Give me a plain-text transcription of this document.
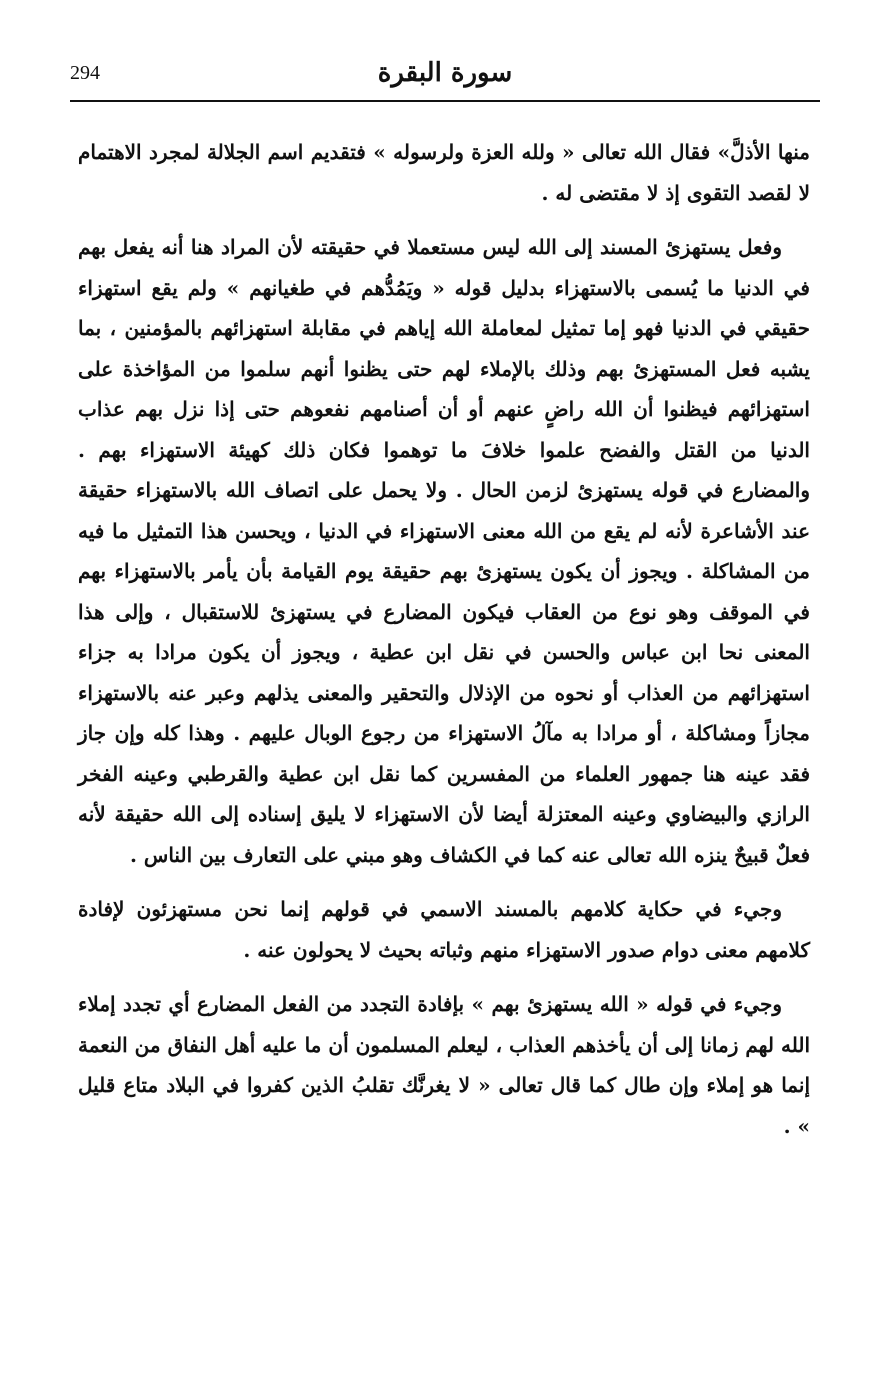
294	سورة البقرة

منها الأذلَّ» فقال الله تعالى « ولله العزة ولرسوله » فتقديم اسم الجلالة لمجرد الاهتمام لا لقصد التقوى إذ لا مقتضى له .

وفعل يستهزئ المسند إلى الله ليس مستعملا في حقيقته لأن المراد هنا أنه يفعل بهم في الدنيا ما يُسمى بالاستهزاء بدليل قوله « ويَمُدُّهم في طغيانهم » ولم يقع استهزاء حقيقي في الدنيا فهو إما تمثيل لمعاملة الله إياهم في مقابلة استهزائهم بالمؤمنين ، بما يشبه فعل المستهزئ بهم وذلك بالإملاء لهم حتى يظنوا أنهم سلموا من المؤاخذة على استهزائهم فيظنوا أن الله راضٍ عنهم أو أن أصنامهم نفعوهم حتى إذا نزل بهم عذاب الدنيا من القتل والفضح علموا خلافَ ما توهموا فكان ذلك كهيئة الاستهزاء بهم . والمضارع في قوله يستهزئ لزمن الحال . ولا يحمل على اتصاف الله بالاستهزاء حقيقة عند الأشاعرة لأنه لم يقع من الله معنى الاستهزاء في الدنيا ، ويحسن هذا التمثيل ما فيه من المشاكلة . ويجوز أن يكون يستهزئ بهم حقيقة يوم القيامة بأن يأمر بالاستهزاء بهم في الموقف وهو نوع من العقاب فيكون المضارع في يستهزئ للاستقبال ، وإلى هذا المعنى نحا ابن عباس والحسن في نقل ابن عطية ، ويجوز أن يكون مرادا به جزاء استهزائهم من العذاب أو نحوه من الإذلال والتحقير والمعنى يذلهم وعبر عنه بالاستهزاء مجازاً ومشاكلة ، أو مرادا به مآلُ الاستهزاء من رجوع الوبال عليهم . وهذا كله وإن جاز فقد عينه هنا جمهور العلماء من المفسرين كما نقل ابن عطية والقرطبي وعينه الفخر الرازي والبيضاوي وعينه المعتزلة أيضا لأن الاستهزاء لا يليق إسناده إلى الله حقيقة لأنه فعلٌ قبيحٌ ينزه الله تعالى عنه كما في الكشاف وهو مبني على التعارف بين الناس .

وجيء في حكاية كلامهم بالمسند الاسمي في قولهم إنما نحن مستهزئون لإفادة كلامهم معنى دوام صدور الاستهزاء منهم وثباته بحيث لا يحولون عنه .

وجيء في قوله « الله يستهزئ بهم » بإفادة التجدد من الفعل المضارع أي تجدد إملاء الله لهم زمانا إلى أن يأخذهم العذاب ، ليعلم المسلمون أن ما عليه أهل النفاق من النعمة إنما هو إملاء وإن طال كما قال تعالى « لا يغرنَّك تقلبُ الذين كفروا في البلاد متاع قليل » .
